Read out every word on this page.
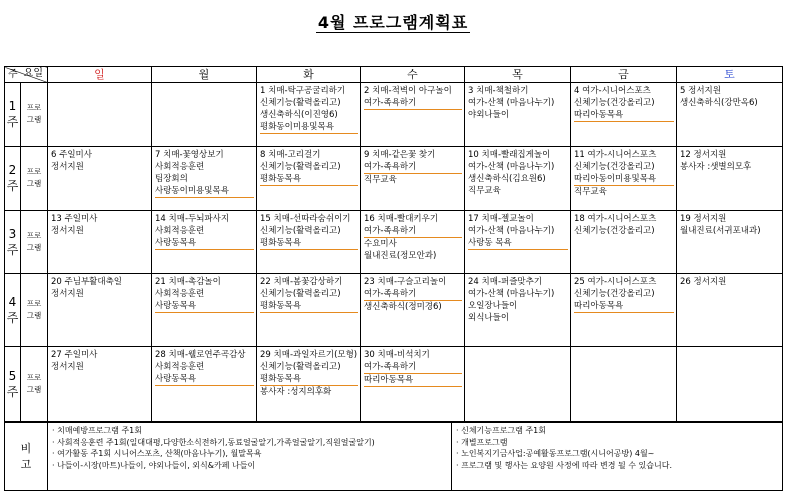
4월 프로그램계획표
요일
주		일	월	화	수	목	금	토

1
주	프로
그램			1 치매-탁구공굴리하기
신체기능(활력올리고)
생신축하식(이진영6)
평화동이미용및목욕	2 치매-적벽이 아구놀이
여가-족욕하기	3 치매-책철하기
여가-산책 (마음나누기)
야외나들이	4 여가-시니어스포츠
신체기능(건강올리고)
따리아동목욕	5 정서지원
생신축하식(강만옥6)

2
주	프로
그램	6 주일미사
정서지원	7 치매-꽃영상보기
사회적응훈련
팀장회의
사랑동이미용및목욕	8 치매-고리걸기
신체기능(활력올리고)
평화동목욕	9 치매-같은꽃 찾기
여가-족욕하기
직무교육	10 치매-빨래집게놀이
여가-산책 (마음나누기)
생신축하식(김요원6)
직무교육	11 여가-시니어스포츠
신체기능(건강올리고)
따리아동이미용및목욕
직무교육	12 정서지원
봉사자 :샛별의모후

3
주	프로
그램	13 주일미사
정서지원	14 치매-두뇌파사지
사회적응훈련
사랑동목욕	15 치매-선따라숨쉬이기
신체기능(활력올리고)
평화동목욕	16 치매-빨대키우기
여가-족욕하기
수요미사
월내진료(정모안과)	17 치매-젤교놀이
여가-산책 (마음나누기)
사랑동 목욕	18 여가-시니어스포츠
신체기능(건강올리고)	19 정서지원
월내진료(서귀포내과)

4
주	프로
그램	20 주님부활대축일
정서지원	21 치매-촉감놀이
사회적응훈련
사랑동목욕	22 치매-봄꽃감상하기
신체기능(활력올리고)
평화동목욕	23 치매-구슬고리놀이
여가-족욕하기
생신축하식(정미경6)	24 치매-퍼즐맞추기
여가-산책 (마음나누기)
오일장나들이
외식나들이	25 여가-시니어스포츠
신체기능(건강올리고)
따리아동목욕	26 정서지원

5
주	프로
그램	27 주일미사
정서지원	28 치매-웰로연주곡감상
사회적응훈련
사랑동목욕	29 치매-과일자르기(모형)
신체기능(활력올리고)
평화동목욕
봉사자 :성지의후화	30 치매-비석치기
여가-족욕하기
따리아동목욕			

비
고

· 치매예방프로그램 주1회
· 사회적응훈련 주1회(일대대평,다양한소식전하기,동료얼굴알기,가족얼굴알기,직원얼굴알기)
· 여가활동 주1회 시니어스포츠, 산책(마음나누기), 월말목욕
· 나들이-시장(마트)나들이, 야외나들이, 외식&카페 나들이

· 신체기능프로그램 주1회
· 개별프로그램
· 노인복지기금사업:공예활동프로그램(시니어공방) 4월~
· 프로그램 및 행사는 요양원 사정에 따라 변경 될 수 있습니다.
